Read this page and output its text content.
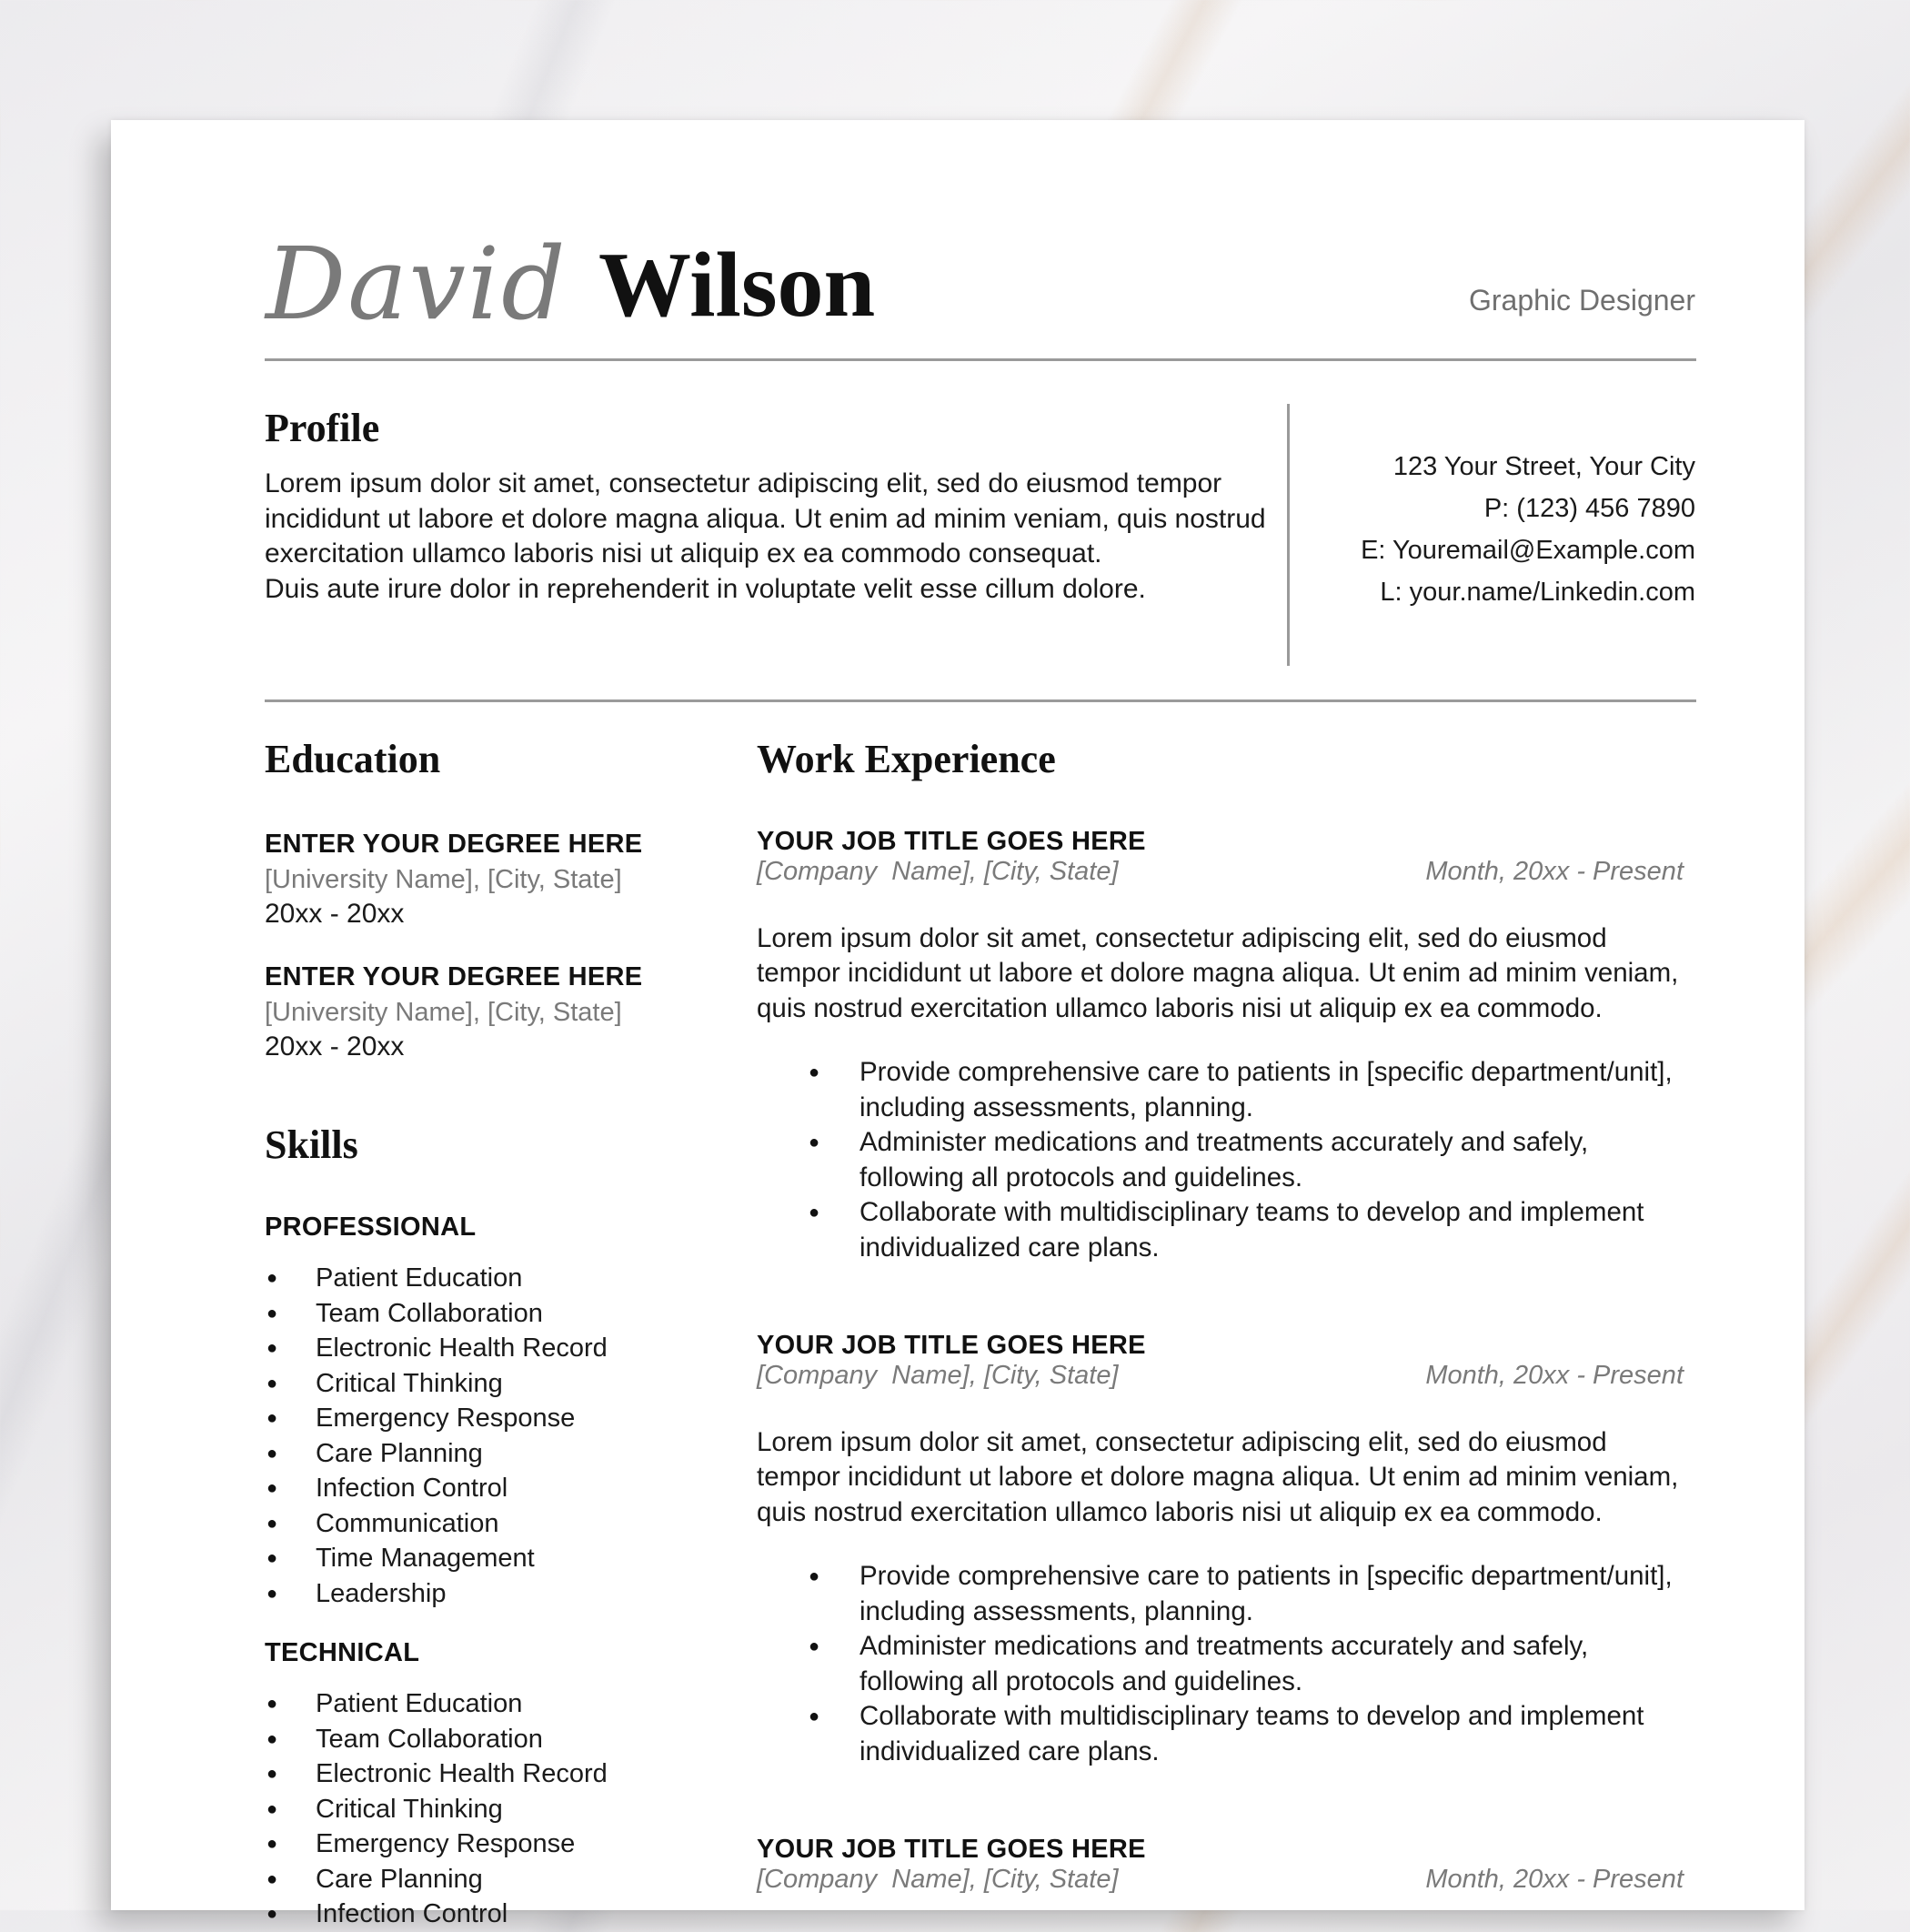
David Wilson	Graphic Designer
Profile
Lorem ipsum dolor sit amet, consectetur adipiscing elit, sed do eiusmod tempor
incididunt ut labore et dolore magna aliqua. Ut enim ad minim veniam, quis nostrud
exercitation ullamco laboris nisi ut aliquip ex ea commodo consequat.
Duis aute irure dolor in reprehenderit in voluptate velit esse cillum dolore.
123 Your Street, Your City
P: (123) 456 7890
E: Youremail@Example.com
L: your.name/Linkedin.com
Education
ENTER YOUR DEGREE HERE
[University Name], [City, State]
20xx - 20xx
ENTER YOUR DEGREE HERE
[University Name], [City, State]
20xx - 20xx
Skills
PROFESSIONAL
● Patient Education
● Team Collaboration
● Electronic Health Record
● Critical Thinking
● Emergency Response
● Care Planning
● Infection Control
● Communication
● Time Management
● Leadership
TECHNICAL
● Patient Education
● Team Collaboration
● Electronic Health Record
● Critical Thinking
● Emergency Response
● Care Planning
● Infection Control
Work Experience
YOUR JOB TITLE GOES HERE
[Company  Name], [City, State]	Month, 20xx - Present
Lorem ipsum dolor sit amet, consectetur adipiscing elit, sed do eiusmod
tempor incididunt ut labore et dolore magna aliqua. Ut enim ad minim veniam,
quis nostrud exercitation ullamco laboris nisi ut aliquip ex ea commodo.
● Provide comprehensive care to patients in [specific department/unit], including assessments, planning.
● Administer medications and treatments accurately and safely, following all protocols and guidelines.
● Collaborate with multidisciplinary teams to develop and implement individualized care plans.
YOUR JOB TITLE GOES HERE
[Company  Name], [City, State]	Month, 20xx - Present
Lorem ipsum dolor sit amet, consectetur adipiscing elit, sed do eiusmod
tempor incididunt ut labore et dolore magna aliqua. Ut enim ad minim veniam,
quis nostrud exercitation ullamco laboris nisi ut aliquip ex ea commodo.
● Provide comprehensive care to patients in [specific department/unit], including assessments, planning.
● Administer medications and treatments accurately and safely, following all protocols and guidelines.
● Collaborate with multidisciplinary teams to develop and implement individualized care plans.
YOUR JOB TITLE GOES HERE
[Company  Name], [City, State]	Month, 20xx - Present
